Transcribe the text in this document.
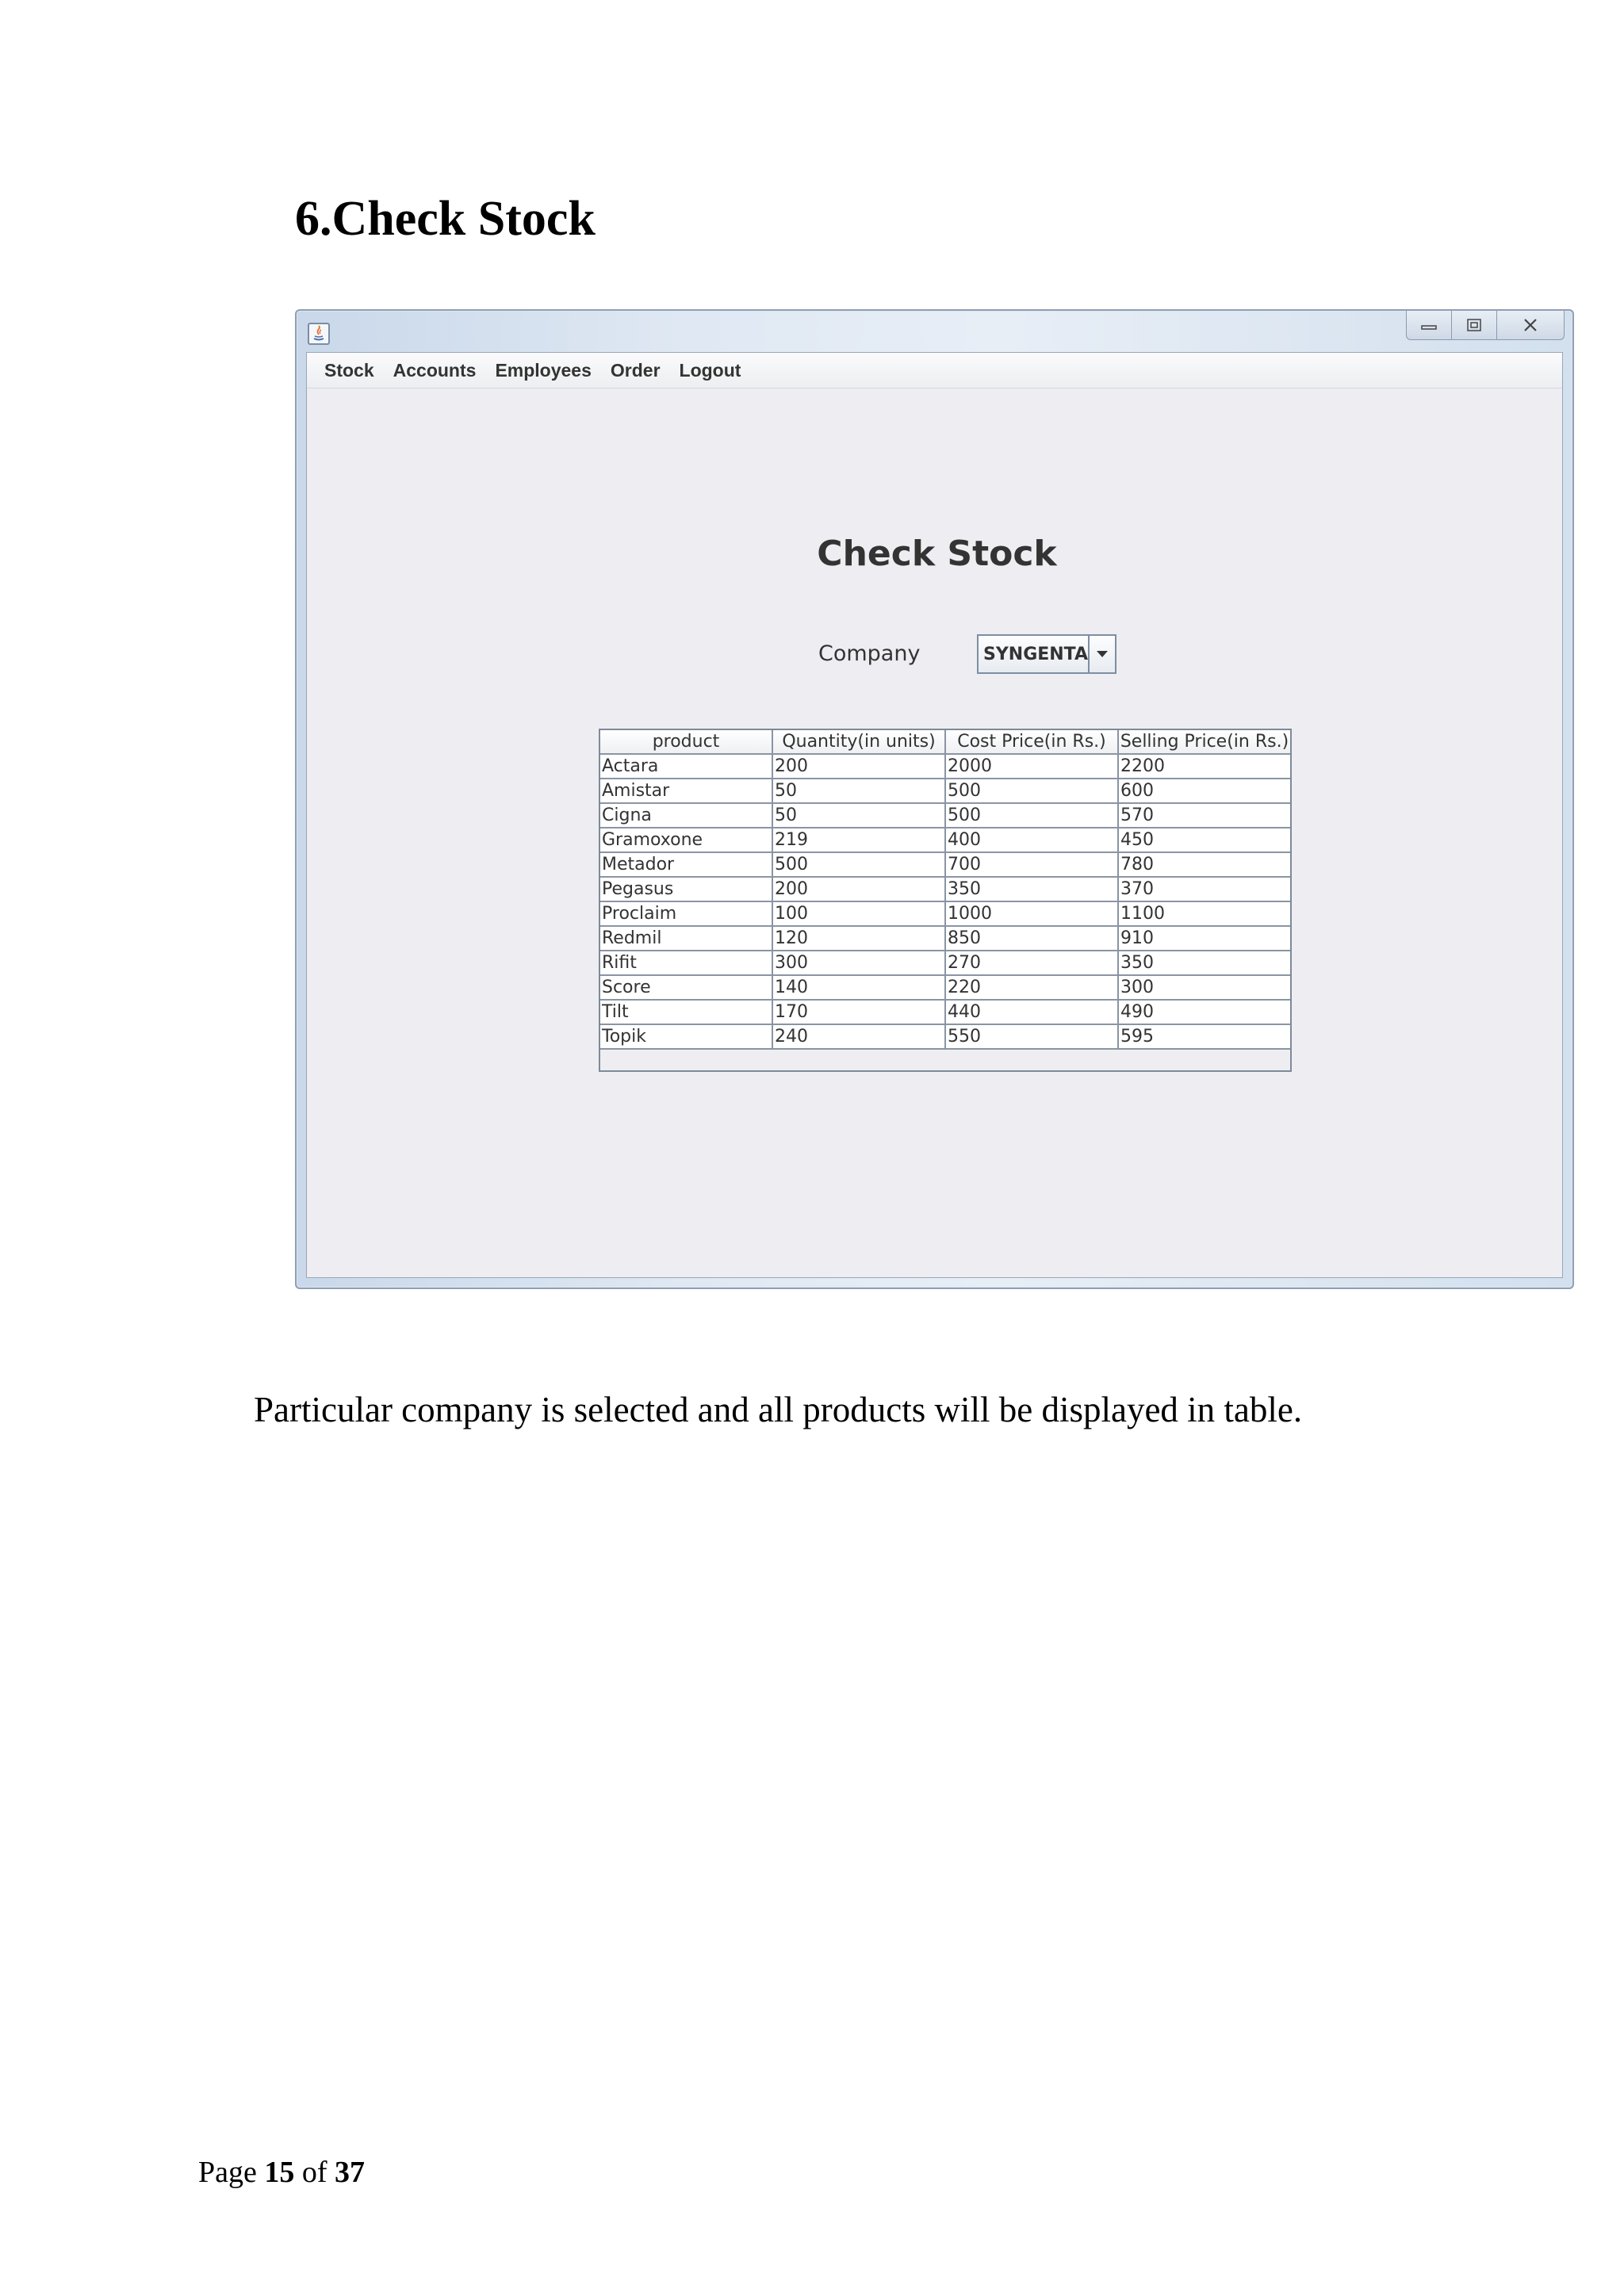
6.Check Stock
Stock	Accounts	Employees	Order	Logout
Check Stock
Company	SYNGENTA
product	Quantity(in units)	Cost Price(in Rs.)	Selling Price(in Rs.)
Actara	200	2000	2200
Amistar	50	500	600
Cigna	50	500	570
Gramoxone	219	400	450
Metador	500	700	780
Pegasus	200	350	370
Proclaim	100	1000	1100
Redmil	120	850	910
Rifit	300	270	350
Score	140	220	300
Tilt	170	440	490
Topik	240	550	595

Particular company is selected and all products will be displayed in table.

Page 15 of 37
